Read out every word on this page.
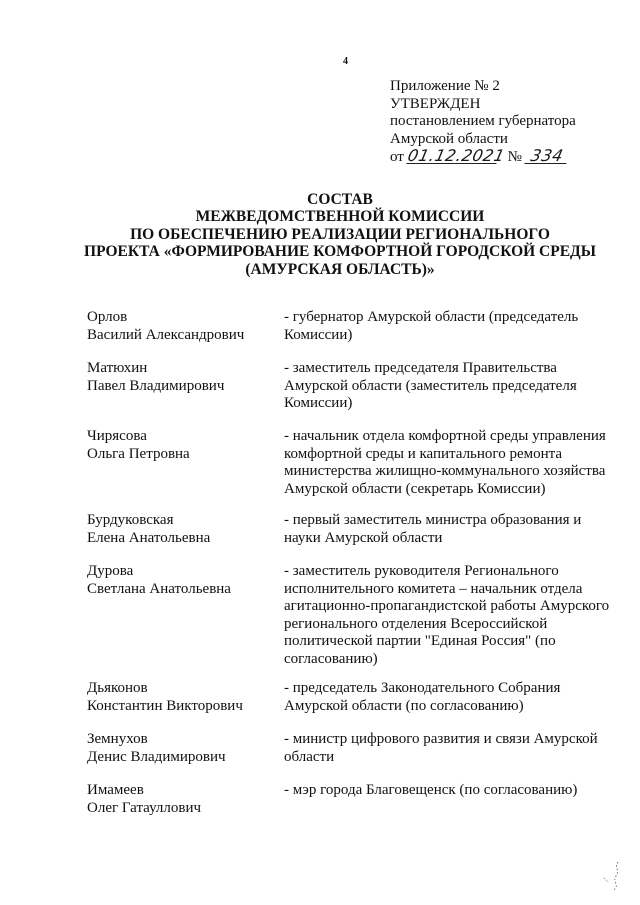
4
Приложение № 2
УТВЕРЖДЕН
постановлением губернатора
Амурской области
от 01.12.2021 № 334
СОСТАВ
МЕЖВЕДОМСТВЕННОЙ КОМИССИИ
ПО ОБЕСПЕЧЕНИЮ РЕАЛИЗАЦИИ РЕГИОНАЛЬНОГО
ПРОЕКТА «ФОРМИРОВАНИЕ КОМФОРТНОЙ ГОРОДСКОЙ СРЕДЫ
(АМУРСКАЯ ОБЛАСТЬ)»
Орлов
Василий Александрович
- губернатор Амурской области (председатель Комиссии)
Матюхин
Павел Владимирович
- заместитель председателя Правительства Амурской области (заместитель председателя Комиссии)
Чирясова
Ольга Петровна
- начальник отдела комфортной среды управления комфортной среды и капитального ремонта министерства жилищно-коммунального хозяйства Амурской области (секретарь Комиссии)
Бурдуковская
Елена Анатольевна
- первый заместитель министра образования и науки Амурской области
Дурова
Светлана Анатольевна
- заместитель руководителя Регионального исполнительного комитета – начальник отдела агитационно-пропагандистской работы Амурского регионального отделения Всероссийской политической партии "Единая Россия" (по согласованию)
Дьяконов
Константин Викторович
- председатель Законодательного Собрания Амурской области (по согласованию)
Земнухов
Денис Владимирович
- министр цифрового развития и связи Амурской области
Имамеев
Олег Гатауллович
- мэр города Благовещенск (по согласованию)
